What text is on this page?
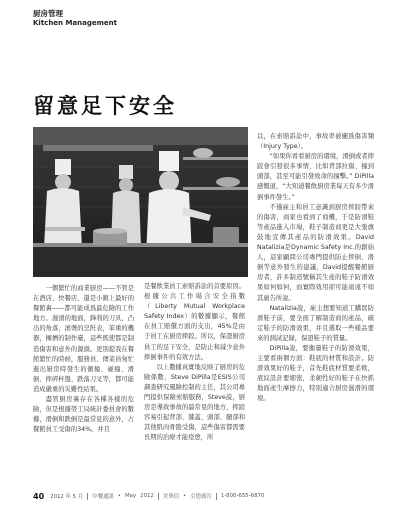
厨房管理
Kitchen Management
留意足下安全

一個繁忙的商業厨房——不管是在酒店、快餐店、還是小鎮上最好的餐館裏——都可能成爲最危險的工作地方。濕滑的地面，鋒利的刀具，凸出的角落，滚燙的烹飪表，笨重的機器，擁擠的制作臺，這些既使都是制造傷害和意外的源頭。更別提我在餐館繁忙的時候，服務員、傳菜員匆忙進出厨房時發生的衝撞、碰撞、滑倒、摔碎杯盤、跌落刀叉等，都可能造成嚴重的災難性結果。

盡管厨房裏存在各種各樣的危險，但是根據勞工局統計委員會的數據，滑倒和跌倒是最常見的意外，占餐館員工受傷的34%。并且

是餐飲業員工索賠訴訟的首要原因。根據公共工作場合安全指數（Liberty Mutual Workplace Safety Index）的數據顯示，餐館在員工賠償方面的支出，45%是由于員工在厨房摔跤。所以，保證厨房員工的足下安全，是防止和减少意外摔倒事件的有效方法。

以上數據真實地反映了厨房的危險係數，Steve DiPilla是ESIS公司調查研究風險控制的主任，其公司專門提供保險索賠服務，Steve説，厨房是導致事故的最常見的地方，摔跤容易引起背部、膝蓋、頭部、腿部和其他肌肉骨骼受傷，這些傷害都需要長期的治療才能痊愈，所

以，在索賠訴訟中，事故率被闡爲傷害類（Injury Type）。

“如果你看看厨房的環境，滑倒或者摔跤會引發很多事情，比如背部拉傷、撞到頭部，甚至可能引發致命的撞擊。” DiPilla感慨道，“大知道餐飲厨房業每天有多少滑倒事件發生。”

不僅雇主和員工意識到厨房摔跤帶來的傷害，商家也看到了商機，于是防滑鞋等產品進入市場，鞋子制造商更是大張旗鼓地宣傳其產品的防滑效果。David Natalizia是Dynamic Safety Inc.的創始人，這家顧問公司專門提供防止摔倒、滑倒等意外發生的建議，David提醒餐館厨房者，許多制造號稱其生產的鞋子防滑效果如何如何，而實際效用卻可能遠遠不如其廣告所說。

Natalizia說，雇主想要知道工購買防滑鞋子前，要全面了解制造商的產品，確定鞋子的防滑效果，并且選取一些樣品要來的測試記録，保證鞋子的質量。

DiPilla說，要衡量鞋子的防滑效果，主要看兩個方面：鞋底的材質和設計。防滑效果好的鞋子，首先鞋底材質要柔軟，底紋設計要細密，柔韌性好的鞋子在快抓地面產生摩擦力，特別適合厨房濕滑的環境。

40 2012 年 5 月 中餐通訊 • May 2012 美華信 • 引您廣告 1-800-655-6870
